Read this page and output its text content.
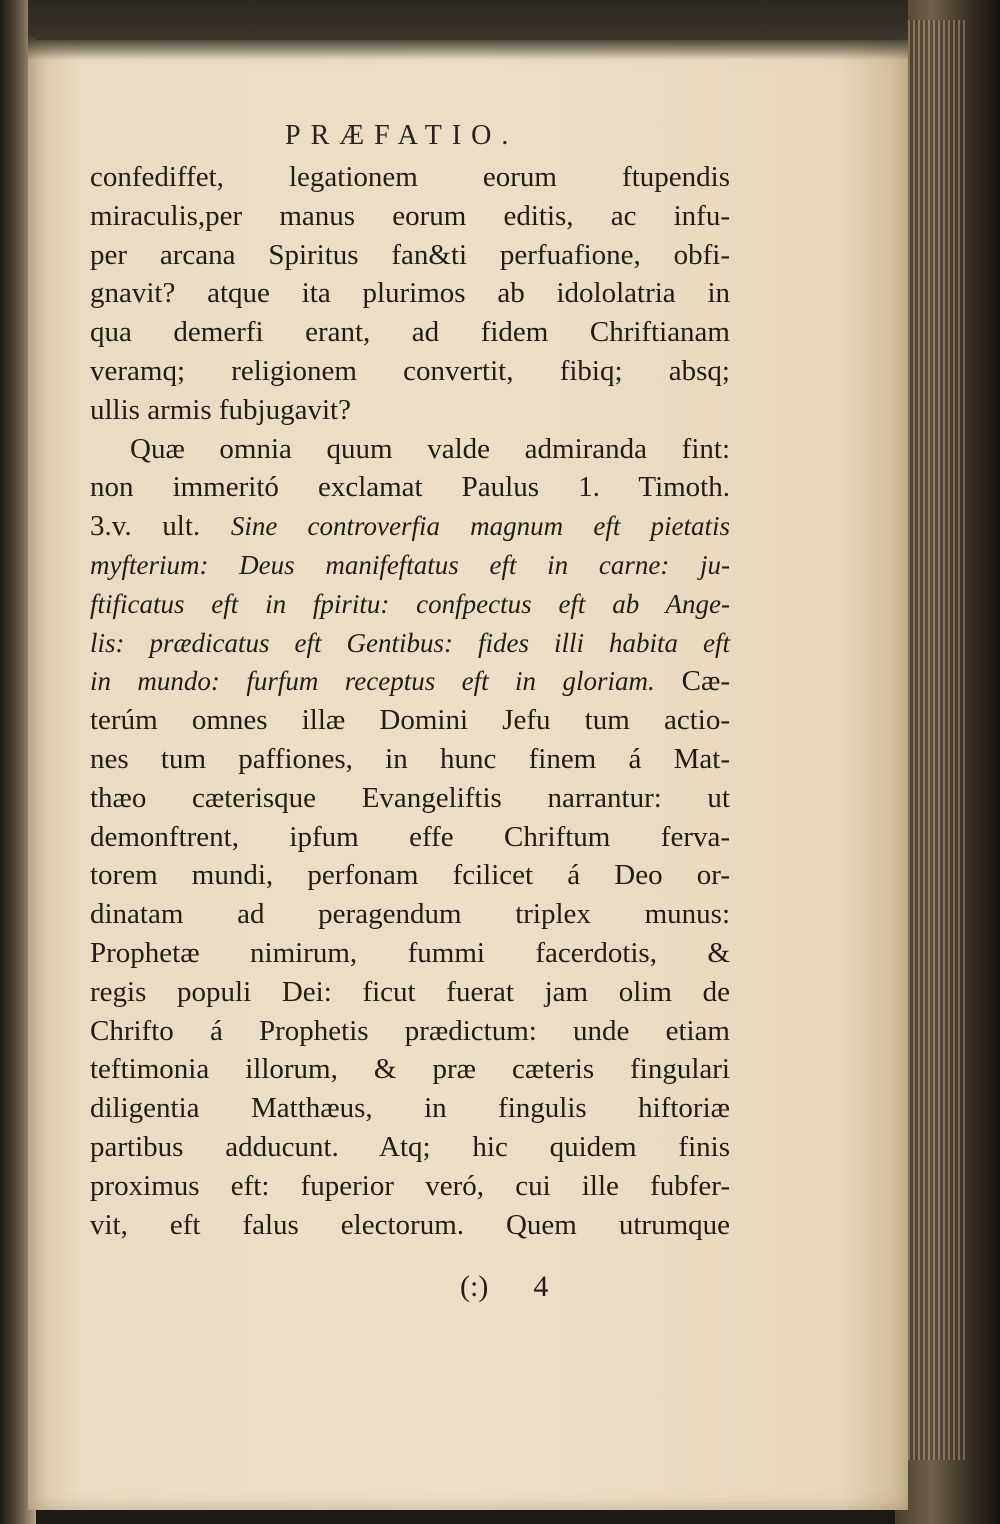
PRÆFATIO.
confediffet, legationem eorum ftupendis
miraculis,per manus eorum editis, ac infu-
per arcana Spiritus fan&ti perfuafione, obfi-
gnavit? atque ita plurimos ab idololatria in
qua demerfi erant, ad fidem Chriftianam
veramq; religionem convertit, fibiq; absq;
ullis armis fubjugavit?
Quæ omnia quum valde admiranda fint:
non immeritó exclamat Paulus 1. Timoth.
3.v. ult. Sine controverfia magnum eft pietatis
myfterium: Deus manifeftatus eft in carne: ju-
ftificatus eft in fpiritu: confpectus eft ab Ange-
lis: prædicatus eft Gentibus: fides illi habita eft
in mundo: furfum receptus eft in gloriam. Cæ-
terúm omnes illæ Domini Jefu tum actio-
nes tum paffiones, in hunc finem á Mat-
thæo cæterisque Evangeliftis narrantur: ut
demonftrent, ipfum effe Chriftum ferva-
torem mundi, perfonam fcilicet á Deo or-
dinatam ad peragendum triplex munus:
Prophetæ nimirum, fummi facerdotis, &
regis populi Dei: ficut fuerat jam olim de
Chrifto á Prophetis prædictum: unde etiam
teftimonia illorum, & præ cæteris fingulari
diligentia Matthæus, in fingulis hiftoriæ
partibus adducunt. Atq; hic quidem finis
proximus eft: fuperior veró, cui ille fubfer-
vit, eft falus electorum. Quem utrumque
(:) 4
